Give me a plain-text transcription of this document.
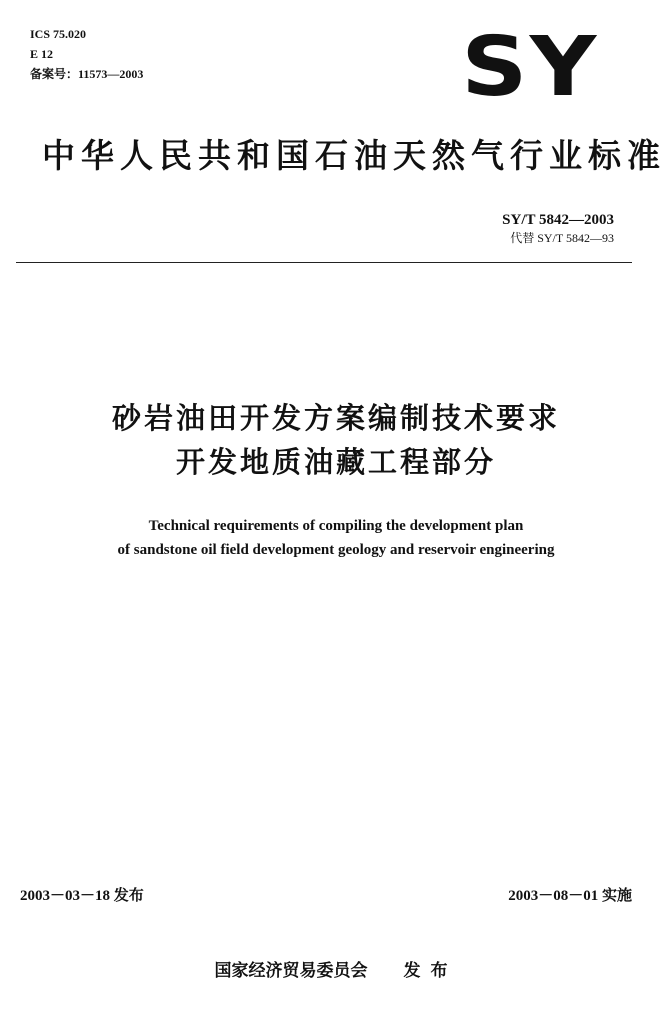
ICS 75.020
E 12
备案号：11573—2003	SY
中华人民共和国石油天然气行业标准
SY/T 5842—2003
代替 SY/T 5842—93
砂岩油田开发方案编制技术要求
开发地质油藏工程部分
Technical requirements of compiling the development plan
of sandstone oil field development geology and reservoir engineering
2003－03－18 发布	2003－08－01 实施
国家经济贸易委员会 发布
